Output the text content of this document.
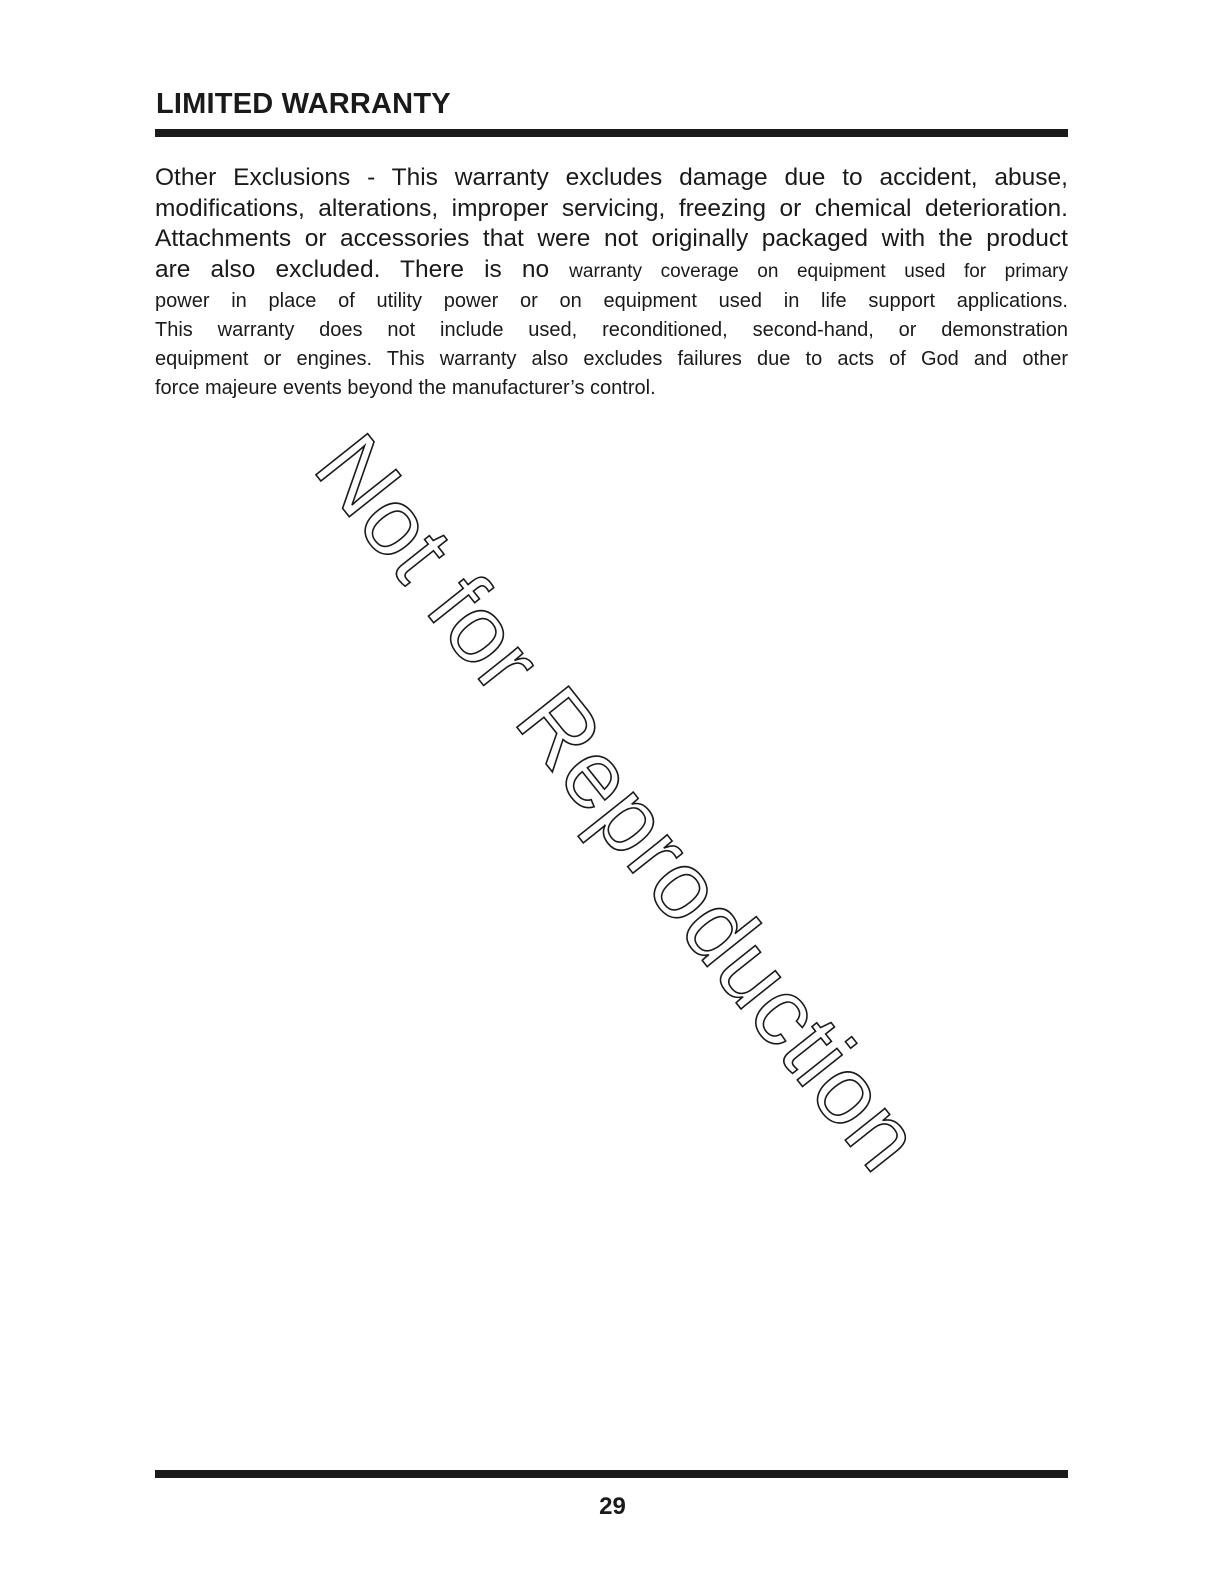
LIMITED WARRANTY
Other Exclusions - This warranty excludes damage due to accident, abuse,
modifications, alterations, improper servicing, freezing or chemical deterioration.
Attachments or accessories that were not originally packaged with the product
are also excluded. There is no warranty coverage on equipment used for primary
power in place of utility power or on equipment used in life support applications.
This warranty does not include used, reconditioned, second-hand, or demonstration
equipment or engines. This warranty also excludes failures due to acts of God and other
force majeure events beyond the manufacturer’s control.
Not for Reproduction
29
